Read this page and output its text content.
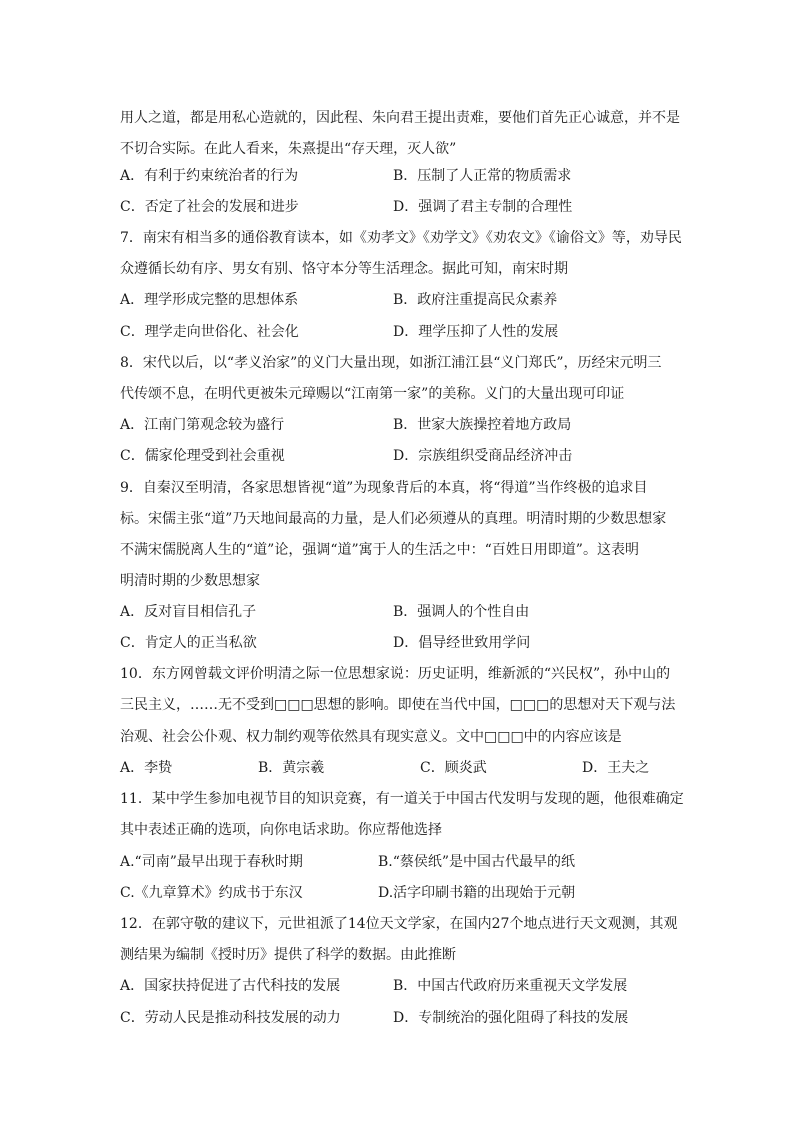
用人之道，都是用私心造就的，因此程、朱向君王提出责难，要他们首先正心诚意，并不是
不切合实际。在此人看来，朱熹提出“存天理，灭人欲”
A．有利于约束统治者的行为	B．压制了人正常的物质需求
C．否定了社会的发展和进步	D．强调了君主专制的合理性
7．南宋有相当多的通俗教育读本，如《劝孝文》《劝学文》《劝农文》《谕俗文》等，劝导民
众遵循长幼有序、男女有别、恪守本分等生活理念。据此可知，南宋时期
A．理学形成完整的思想体系	B．政府注重提高民众素养
C．理学走向世俗化、社会化	D．理学压抑了人性的发展
8．宋代以后，以“孝义治家”的义门大量出现，如浙江浦江县“义门郑氏”，历经宋元明三
代传颂不息，在明代更被朱元璋赐以“江南第一家”的美称。义门的大量出现可印证
A．江南门第观念较为盛行	B．世家大族操控着地方政局
C．儒家伦理受到社会重视	D．宗族组织受商品经济冲击
9．自秦汉至明清，各家思想皆视“道”为现象背后的本真，将“得道”当作终极的追求目
标。宋儒主张“道”乃天地间最高的力量，是人们必须遵从的真理。明清时期的少数思想家
不满宋儒脱离人生的“道”论，强调“道”寓于人的生活之中：“百姓日用即道”。这表明
明清时期的少数思想家
A．反对盲目相信孔子	B．强调人的个性自由
C．肯定人的正当私欲	D．倡导经世致用学问
10．东方网曾载文评价明清之际一位思想家说：历史证明，维新派的“兴民权”，孙中山的
三民主义，……无不受到□□□思想的影响。即使在当代中国，□□□的思想对天下观与法
治观、社会公仆观、权力制约观等依然具有现实意义。文中□□□中的内容应该是
A．李贽	B．黄宗羲	C．顾炎武	D．王夫之
11．某中学生参加电视节目的知识竞赛，有一道关于中国古代发明与发现的题，他很难确定
其中表述正确的选项，向你电话求助。你应帮他选择
A.“司南”最早出现于春秋时期	B.“蔡侯纸”是中国古代最早的纸
C.《九章算术》约成书于东汉	D.活字印刷书籍的出现始于元朝
12．在郭守敬的建议下，元世祖派了14位天文学家，在国内27个地点进行天文观测，其观
测结果为编制《授时历》提供了科学的数据。由此推断
A．国家扶持促进了古代科技的发展	B．中国古代政府历来重视天文学发展
C．劳动人民是推动科技发展的动力	D．专制统治的强化阻碍了科技的发展
